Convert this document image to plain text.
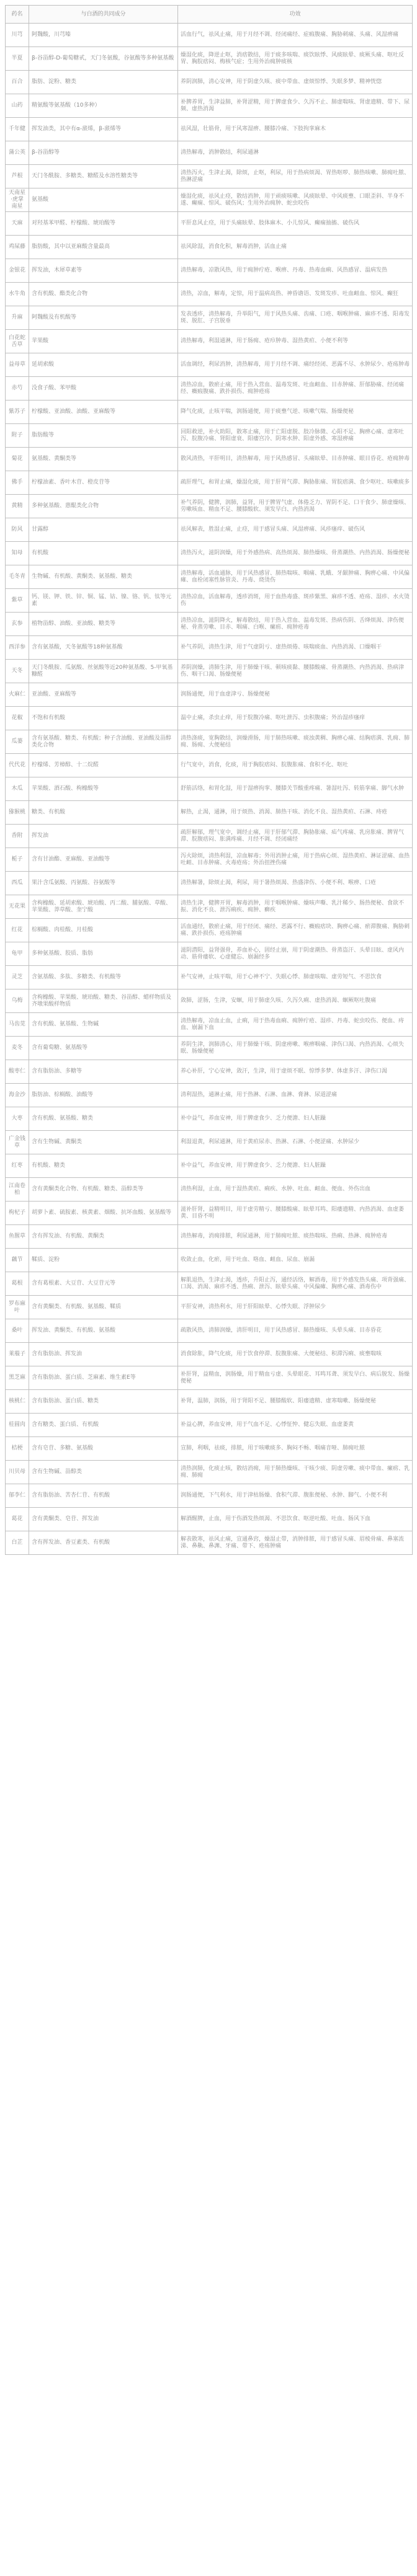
药名	与白酒的共同成分	功效
川芎	阿魏酸，川芎嗪	活血行气，祛风止痛，用于月经不调、经闭痛经、症瘕腹痛、胸胁刺痛、头痛、风湿痹痛
半夏	β-谷甾醇-D-葡萄糖甙，天门冬氨酸，谷氨酸等多种氨基酸	燥湿化痰，降逆止呕，消痞散结，用于痰多咳喘、痰饮眩悸、风痰眩晕、痰厥头痛、呕吐反胃、胸脘痞闷、梅核气症；生用外治痈肿痰核
百合	脂肪、淀粉、糖类	养阴润肺，清心安神，用于阴虚久咳、痰中带血、虚烦惊悸、失眠多梦、精神恍惚
山药	精氨酸等氨基酸（10多种）	补脾养胃，生津益肺，补肾涩精，用于脾虚食少、久泻不止、肺虚喘咳、肾虚遗精、带下、尿频、虚热消渴
千年健	挥发油类，其中有α-蒎烯，β-蒎烯等	祛风湿，壮筋骨，用于风寒湿痹、腰膝冷痛、下肢拘挛麻木
蒲公英	β-谷甾醇等	清热解毒，消肿散结，利尿通淋
芦根	天门冬酰胺、多糖类、糖醛及水溶性糖类等	清热泻火，生津止渴，除烦，止呕，利尿，用于热病烦渴、胃热呕哕、肺热咳嗽、肺痈吐脓、热淋涩痛
天南星·虎掌南星	氨基酸	燥湿化痰，祛风止痉，散结消肿，用于顽痰咳嗽、风痰眩晕、中风痰壅、口眼歪斜、半身不遂、癫痫、惊风、破伤风；生用外治痈肿、蛇虫咬伤
天麻	对羟基苯甲醛、柠檬酸、琥珀酸等	平肝息风止痉，用于头痛眩晕、肢体麻木、小儿惊风、癫痫抽搐、破伤风
鸡屎藤	脂肪酸，其中以亚麻酸含量最高	祛风除湿，消食化积，解毒消肿，活血止痛
金银花	挥发油，木犀草素等	清热解毒，凉散风热，用于痈肿疔疮、喉痹、丹毒、热毒血痢、风热感冒、温病发热
水牛角	含有机酸、酯类化合物	清热，凉血，解毒，定惊，用于温病高热、神昏谵语、发斑发疹、吐血衄血、惊风、癫狂
升麻	阿魏酸及有机酸等	发表透疹，清热解毒，升举阳气，用于风热头痛、齿痛、口疮、咽喉肿痛、麻疹不透、阳毒发斑、脱肛、子宫脱垂
白花蛇舌草	苹果酸	清热解毒，利湿通淋，用于肠痈、疮疖肿毒、湿热黄疸、小便不利等
益母草	延胡索酸	活血调经，利尿消肿，清热解毒，用于月经不调、痛经经闭、恶露不尽、水肿尿少、疮疡肿毒
赤芍	没食子酸、苯甲酸	清热凉血，散瘀止痛，用于热入营血、温毒发斑、吐血衄血、目赤肿痛、肝郁胁痛、经闭痛经、癥瘕腹痛、跌扑损伤、痈肿疮疡
紫苏子	柠檬酸、亚油酸、油酸、亚麻酸等	降气化痰，止咳平喘，润肠通便，用于痰壅气逆、咳嗽气喘、肠燥便秘
附子	脂肪酸等	回阳救逆，补火助阳，散寒止痛，用于亡阳虚脱、肢冷脉微、心阳不足、胸痹心痛、虚寒吐泻、脘腹冷痛、肾阳虚衰、阳痿宫冷、阴寒水肿、阳虚外感、寒湿痹痛
菊花	氨基酸、黄酮类等	散风清热，平肝明目，清热解毒，用于风热感冒、头痛眩晕、目赤肿痛、眼目昏花、疮痈肿毒
佛手	柠檬油素、香叶木苷、橙皮苷等	疏肝理气，和胃止痛，燥湿化痰，用于肝胃气滞、胸胁胀痛、胃脘痞满、食少呕吐、咳嗽痰多
黄精	多种氨基酸、蒽醌类化合物	补气养阴，健脾，润肺，益肾，用于脾胃气虚、体倦乏力、胃阴不足、口干食少、肺虚燥咳、劳嗽咳血、精血不足、腰膝酸软、须发早白、内热消渴
防风	甘露醇	祛风解表，胜湿止痛，止痉，用于感冒头痛、风湿痹痛、风疹瘙痒、破伤风
知母	有机酸	清热泻火，滋阴润燥，用于外感热病、高热烦渴、肺热燥咳、骨蒸潮热、内热消渴、肠燥便秘
毛冬青	生物碱、有机酸、黄酮类、氨基酸、糖类	清热解毒，活血通脉，用于风热感冒、肺热喘咳、咽痛、乳蛾、牙龈肿痛、胸痹心痛、中风偏瘫、血栓闭塞性脉管炎、丹毒、烧烫伤
紫草	钙、镁、钾、铁、锌、铜、锰、钴、镍、铬、钒、钛等元素	清热凉血，活血解毒，透疹消斑，用于血热毒盛、斑疹紫黑、麻疹不透、疮疡、湿疹、水火烫伤
玄参	植物甾醇、油酸、亚油酸、糖类等	清热凉血，滋阴降火，解毒散结，用于热入营血、温毒发斑、热病伤阴、舌绛烦渴、津伤便秘、骨蒸劳嗽、目赤、咽痛、白喉、瘰疬、痈肿疮毒
西洋参	含有氨基酸，天冬氨酸等18种氨基酸	补气养阴，清热生津，用于气虚阴亏、虚热烦倦、咳喘痰血、内热消渴、口燥咽干
天冬	天门冬酰胺、瓜氨酸、丝氨酸等近20种氨基酸、5-甲氧基糠醛	养阴润燥，清肺生津，用于肺燥干咳、顿咳痰黏、腰膝酸痛、骨蒸潮热、内热消渴、热病津伤、咽干口渴、肠燥便秘
火麻仁	亚油酸、亚麻酸等	润肠通便，用于血虚津亏、肠燥便秘
花椒	不饱和有机酸	温中止痛，杀虫止痒，用于脘腹冷痛、呕吐泄泻、虫积腹痛；外治湿疹瘙痒
瓜蒌	含有氨基酸、糖类、有机酸；种子含油酸、亚油酸及甾醇类化合物	清热涤痰，宽胸散结，润燥滑肠，用于肺热咳嗽、痰浊黄稠、胸痹心痛、结胸痞满、乳痈、肺痈、肠痈、大便秘结
代代花	柠檬烯、芳樟醇、十二烷醛	行气宽中，消食，化痰，用于胸脘痞闷、脘腹胀痛、食积不化、呕吐
木瓜	苹果酸、酒石酸、枸橼酸等	舒筋活络，和胃化湿，用于湿痹拘挛、腰膝关节酸重疼痛、暑湿吐泻、转筋挛痛、脚气水肿
猕猴桃	糖类、有机酸	解热，止渴，通淋，用于烦热、消渴、肺热干咳、消化不良、湿热黄疸、石淋、痔疮
香附	挥发油	疏肝解郁，理气宽中，调经止痛，用于肝郁气滞、胸胁胀痛、疝气疼痛、乳房胀痛、脾胃气滞、脘腹痞闷、胀满疼痛、月经不调、经闭痛经
栀子	含有甘油酯、亚麻酸、亚油酸等	泻火除烦，清热利湿，凉血解毒；外用消肿止痛，用于热病心烦、湿热黄疸、淋证涩痛、血热吐衄、目赤肿痛、火毒疮疡；外治扭挫伤痛
西瓜	果汁含瓜氨酸、丙氨酸、谷氨酸等	清热解暑，除烦止渴，利尿，用于暑热烦渴、热盛津伤、小便不利、喉痹、口疮
无花果	含枸橼酸、延胡索酸、琥珀酸、丙二酸、脯氨酸、草酸、苹果酸、莽草酸、奎宁酸	清热生津，健脾开胃，解毒消肿，用于咽喉肿痛、燥咳声嘶、乳汁稀少、肠热便秘、食欲不振、消化不良、泄泻痢疾、痈肿、癣疾
红花	棕榈酸、肉桂酸、月桂酸	活血通经，散瘀止痛，用于经闭、痛经、恶露不行、癥瘕痞块、胸痹心痛、瘀滞腹痛、胸胁刺痛、跌扑损伤、疮疡肿痛
龟甲	多种氨基酸、胶质、脂肪	滋阴潜阳，益肾强骨，养血补心，固经止崩，用于阴虚潮热、骨蒸盗汗、头晕目眩、虚风内动、筋骨痿软、心虚健忘、崩漏经多
灵芝	含氨基酸、多肽、多糖类、有机酸等	补气安神，止咳平喘，用于心神不宁、失眠心悸、肺虚咳喘、虚劳短气、不思饮食
乌梅	含枸橼酸、苹果酸、琥珀酸、糖类、谷甾醇、蜡样物质及齐墩果酸样物质	敛肺，涩肠，生津，安蛔，用于肺虚久咳、久泻久痢、虚热消渴、蛔厥呕吐腹痛
马齿苋	含有机酸、氨基酸、生物碱	清热解毒，凉血止血，止痢，用于热毒血痢、痈肿疔疮、湿疹、丹毒、蛇虫咬伤、便血、痔血、崩漏下血
麦冬	含有葡萄糖、氨基酸等	养阴生津，润肺清心，用于肺燥干咳、阴虚痨嗽、喉痹咽痛、津伤口渴、内热消渴、心烦失眠、肠燥便秘
酸枣仁	含有脂肪油、多糖等	养心补肝，宁心安神，敛汗，生津，用于虚烦不眠、惊悸多梦、体虚多汗、津伤口渴
海金沙	脂肪油、棕榈酸、油酸等	清利湿热，通淋止痛，用于热淋、石淋、血淋、膏淋、尿道涩痛
大枣	含有机酸、氨基酸、糖类	补中益气，养血安神，用于脾虚食少、乏力便溏、妇人脏躁
广金钱草	含有生物碱、黄酮类	利湿退黄，利尿通淋，用于黄疸尿赤、热淋、石淋、小便涩痛、水肿尿少
红枣	有机酸、糖类	补中益气，养血安神，用于脾虚食少、乏力便溏、妇人脏躁
江南卷柏	含有黄酮类化合物、有机酸、糖类、甾醇类等	清热利湿，止血，用于湿热黄疸、痢疾、水肿、吐血、衄血、便血、外伤出血
枸杞子	胡萝卜素、硫胺素、核黄素、烟酸、抗坏血酸、氨基酸等	滋补肝肾，益精明目，用于虚劳精亏、腰膝酸痛、眩晕耳鸣、阳痿遗精、内热消渴、血虚萎黄、目昏不明
鱼腥草	含有挥发油、有机酸、黄酮类	清热解毒，消痈排脓，利尿通淋，用于肺痈吐脓、痰热喘咳、热痢、热淋、痈肿疮毒
藕节	鞣质、淀粉	收敛止血，化瘀，用于吐血、咯血、衄血、尿血、崩漏
葛根	含有葛根素、大豆苷、大豆苷元等	解肌退热，生津止渴，透疹，升阳止泻，通经活络，解酒毒，用于外感发热头痛、项背强痛、口渴、消渴、麻疹不透、热痢、泄泻、眩晕头痛、中风偏瘫、胸痹心痛、酒毒伤中
罗布麻叶	含有黄酮类、有机酸、氨基酸、鞣质	平肝安神，清热利水，用于肝阳眩晕、心悸失眠、浮肿尿少
桑叶	挥发油、黄酮类、有机酸、氨基酸	疏散风热，清肺润燥，清肝明目，用于风热感冒、肺热燥咳、头晕头痛、目赤昏花
莱菔子	含有脂肪油、挥发油	消食除胀，降气化痰，用于饮食停滞、脘腹胀痛、大便秘结、积滞泻痢、痰壅喘咳
黑芝麻	含有脂肪油、蛋白质、芝麻素、维生素E等	补肝肾，益精血，润肠燥，用于精血亏虚、头晕眼花、耳鸣耳聋、须发早白、病后脱发、肠燥便秘
核桃仁	含有脂肪油、蛋白质、糖类	补肾，温肺，润肠，用于肾阳不足、腰膝酸软、阳痿遗精、虚寒喘嗽、肠燥便秘
桂圆肉	含有糖类、蛋白质、有机酸	补益心脾，养血安神，用于气血不足、心悸怔忡、健忘失眠、血虚萎黄
桔梗	含有皂苷、多糖、氨基酸	宣肺，利咽，祛痰，排脓，用于咳嗽痰多、胸闷不畅、咽痛音哑、肺痈吐脓
川贝母	含有生物碱、甾醇类	清热润肺，化痰止咳，散结消痈，用于肺热燥咳、干咳少痰、阴虚劳嗽、痰中带血、瘰疬、乳痈、肺痈
郁李仁	含有脂肪油、苦杏仁苷、有机酸	润肠通便，下气利水，用于津枯肠燥、食积气滞、腹胀便秘、水肿、脚气、小便不利
葛花	含有黄酮类、皂苷、挥发油	解酒醒脾，止血，用于伤酒发热烦渴、不思饮食、呕逆吐酸、吐血、肠风下血
白芷	含有挥发油、香豆素类、有机酸	解表散寒，祛风止痛，宣通鼻窍，燥湿止带，消肿排脓，用于感冒头痛、眉棱骨痛、鼻塞流涕、鼻鼽、鼻渊、牙痛、带下、疮疡肿痛
